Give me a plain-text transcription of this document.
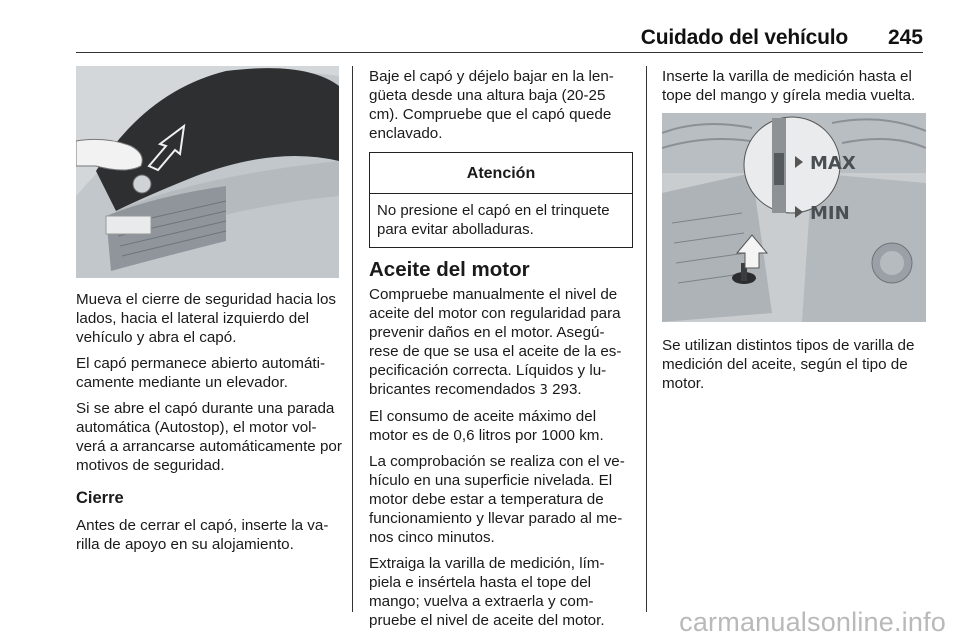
Cuidado del vehículo 245

Mueva el cierre de seguridad hacia los lados, hacia el lateral izquierdo del vehículo y abra el capó.

El capó permanece abierto automáti- camente mediante un elevador.

Si se abre el capó durante una parada automática (Autostop), el motor vol- verá a arrancarse automáticamente por motivos de seguridad.

Cierre

Antes de cerrar el capó, inserte la va- rilla de apoyo en su alojamiento.

Baje el capó y déjelo bajar en la len- güeta desde una altura baja (20-25 cm). Compruebe que el capó quede enclavado.

Atención
No presione el capó en el trinquete para evitar abolladuras.
Aceite del motor

Compruebe manualmente el nivel de aceite del motor con regularidad para prevenir daños en el motor. Asegú- rese de que se usa el aceite de la es- pecificación correcta. Líquidos y lu- bricantes recomendados 3 293.

El consumo de aceite máximo del motor es de 0,6 litros por 1000 km.

La comprobación se realiza con el ve- hículo en una superficie nivelada. El motor debe estar a temperatura de funcionamiento y llevar parado al me- nos cinco minutos.

Extraiga la varilla de medición, lím- piela e insértela hasta el tope del mango; vuelva a extraerla y com- pruebe el nivel de aceite del motor.

Inserte la varilla de medición hasta el tope del mango y gírela media vuelta.

MAX
MIN

Se utilizan distintos tipos de varilla de medición del aceite, según el tipo de motor.

carmanualsonline.info
